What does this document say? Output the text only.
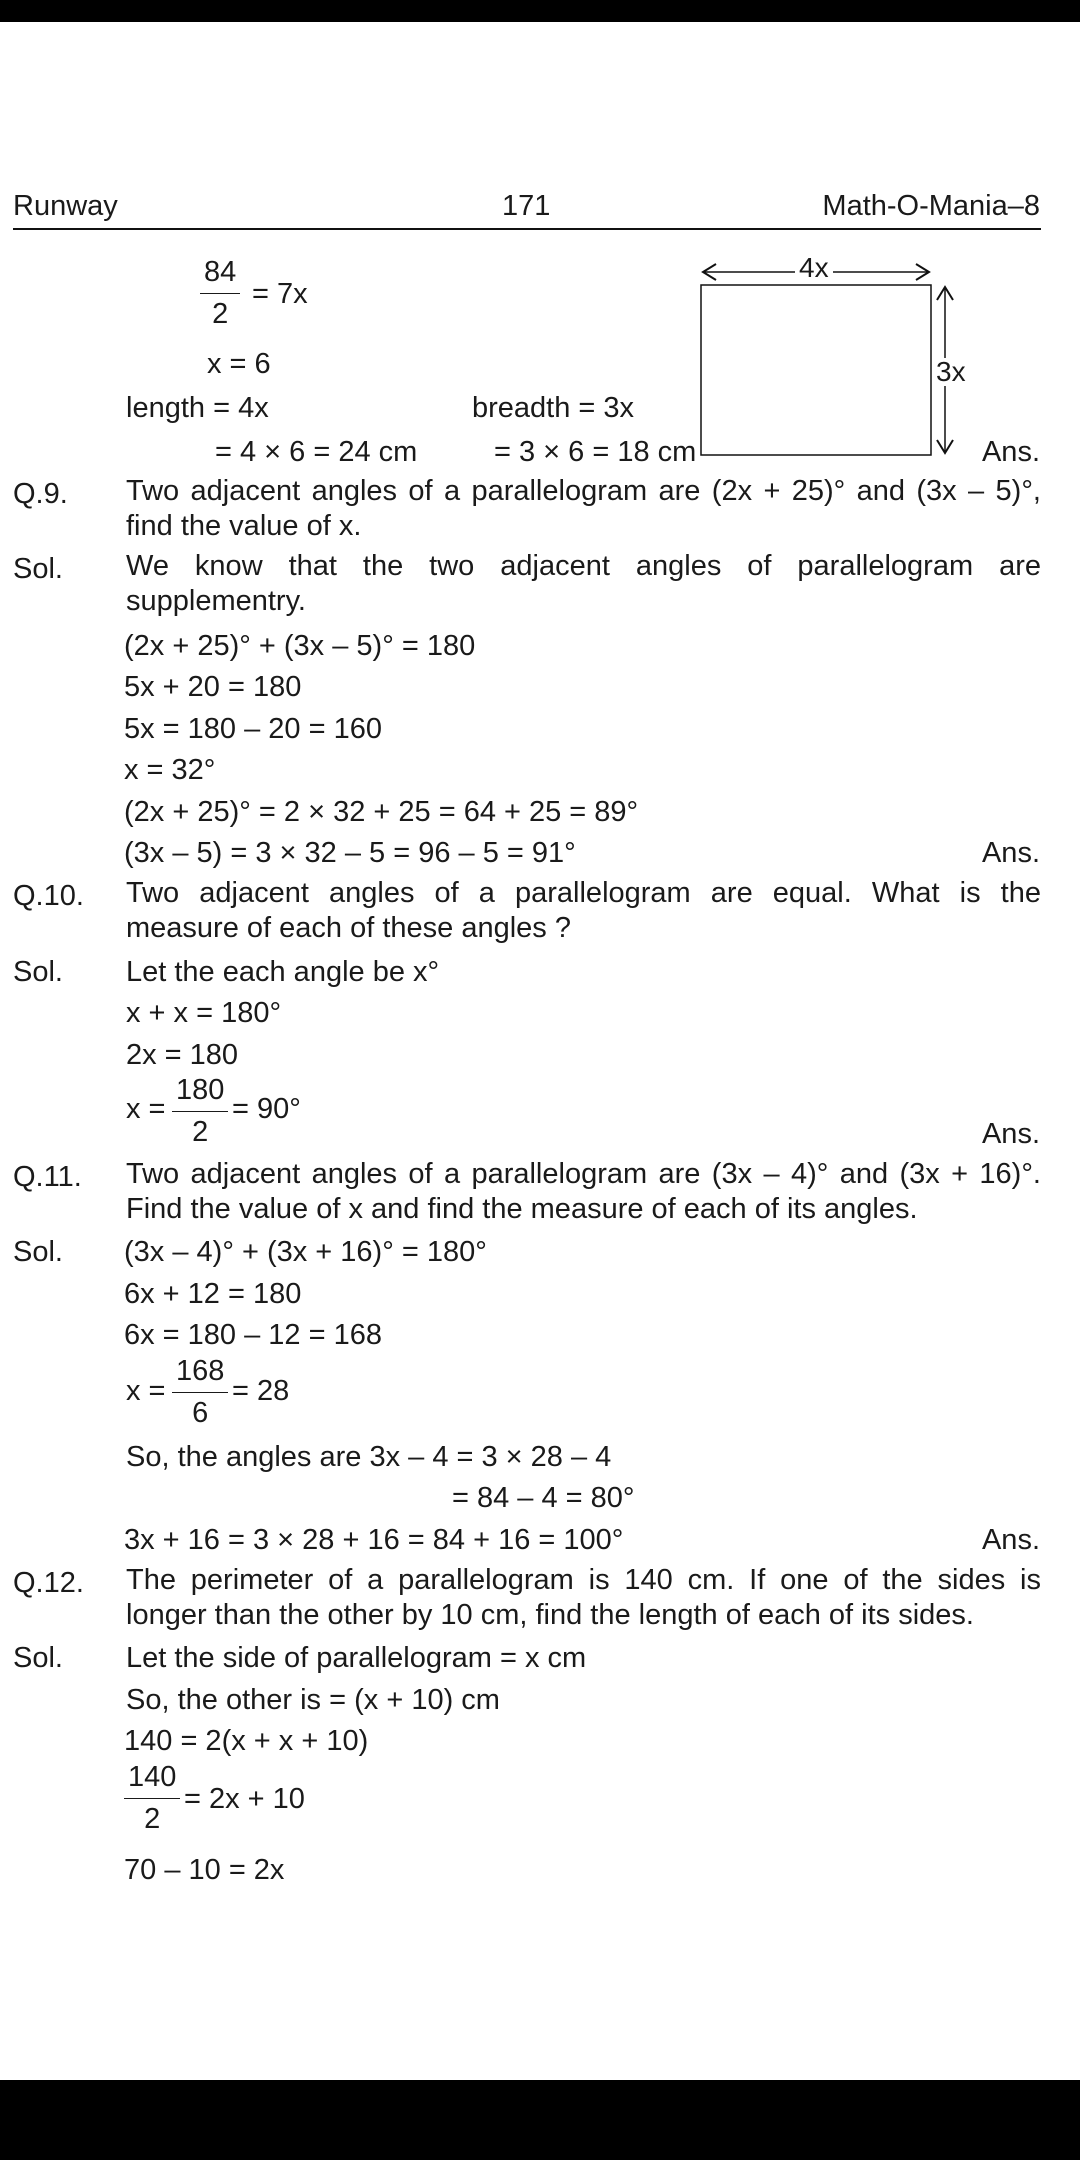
Runway	171	Math-O-Mania–8
$\frac{84}{2} = 7x$
x = 6
length = 4x	breadth = 3x
= 4 × 6 = 24 cm	= 3 × 6 = 18 cm	Ans.
4x
3x
Q.9. Two adjacent angles of a parallelogram are (2x + 25)° and (3x – 5)°, find the value of x.
Sol. We know that the two adjacent angles of parallelogram are supplementry.
(2x + 25)° + (3x – 5)° = 180
5x + 20 = 180
5x = 180 – 20 = 160
x = 32°
(2x + 25)° = 2 × 32 + 25 = 64 + 25 = 89°
(3x – 5) = 3 × 32 – 5 = 96 – 5 = 91°	Ans.
Q.10. Two adjacent angles of a parallelogram are equal. What is the measure of each of these angles ?
Sol. Let the each angle be x°
x + x = 180°
2x = 180
$x = \frac{180}{2} = 90^\circ$
Ans.
Q.11. Two adjacent angles of a parallelogram are (3x – 4)° and (3x + 16)°. Find the value of x and find the measure of each of its angles.
Sol. (3x – 4)° + (3x + 16)° = 180°
6x + 12 = 180
6x = 180 – 12 = 168
$x = \frac{168}{6} = 28$
So, the angles are 3x – 4 = 3 × 28 – 4
= 84 – 4 = 80°
3x + 16 = 3 × 28 + 16 = 84 + 16 = 100°	Ans.
Q.12. The perimeter of a parallelogram is 140 cm. If one of the sides is longer than the other by 10 cm, find the length of each of its sides.
Sol. Let the side of parallelogram = x cm
So, the other is = (x + 10) cm
140 = 2(x + x + 10)
$\frac{140}{2} = 2x + 10$
70 – 10 = 2x
